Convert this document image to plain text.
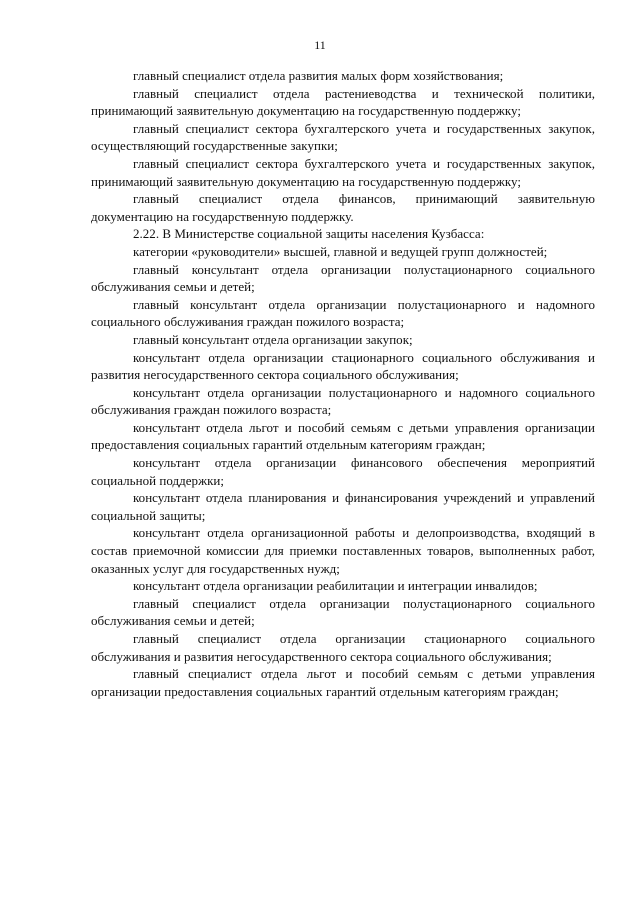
11

главный специалист отдела развития малых форм хозяйствования;

главный специалист отдела растениеводства и технической политики, принимающий заявительную документацию на государственную поддержку;

главный специалист сектора бухгалтерского учета и государственных закупок, осуществляющий государственные закупки;

главный специалист сектора бухгалтерского учета и государственных закупок, принимающий заявительную документацию на государственную поддержку;

главный специалист отдела финансов, принимающий заявительную документацию на государственную поддержку.

2.22. В Министерстве социальной защиты населения Кузбасса:

категории «руководители» высшей, главной и ведущей групп должностей;

главный консультант отдела организации полустационарного социального обслуживания семьи и детей;

главный консультант отдела организации полустационарного и надомного социального обслуживания граждан пожилого возраста;

главный консультант отдела организации закупок;

консультант отдела организации стационарного социального обслуживания и развития негосударственного сектора социального обслуживания;

консультант отдела организации полустационарного и надомного социального обслуживания граждан пожилого возраста;

консультант отдела льгот и пособий семьям с детьми управления организации предоставления социальных гарантий отдельным категориям граждан;

консультант отдела организации финансового обеспечения мероприятий социальной поддержки;

консультант отдела планирования и финансирования учреждений и управлений социальной защиты;

консультант отдела организационной работы и делопроизводства, входящий в состав приемочной комиссии для приемки поставленных товаров, выполненных работ, оказанных услуг для государственных нужд;

консультант отдела организации реабилитации и интеграции инвалидов;

главный специалист отдела организации полустационарного социального обслуживания семьи и детей;

главный специалист отдела организации стационарного социального обслуживания и развития негосударственного сектора социального обслуживания;

главный специалист отдела льгот и пособий семьям с детьми управления организации предоставления социальных гарантий отдельным категориям граждан;
